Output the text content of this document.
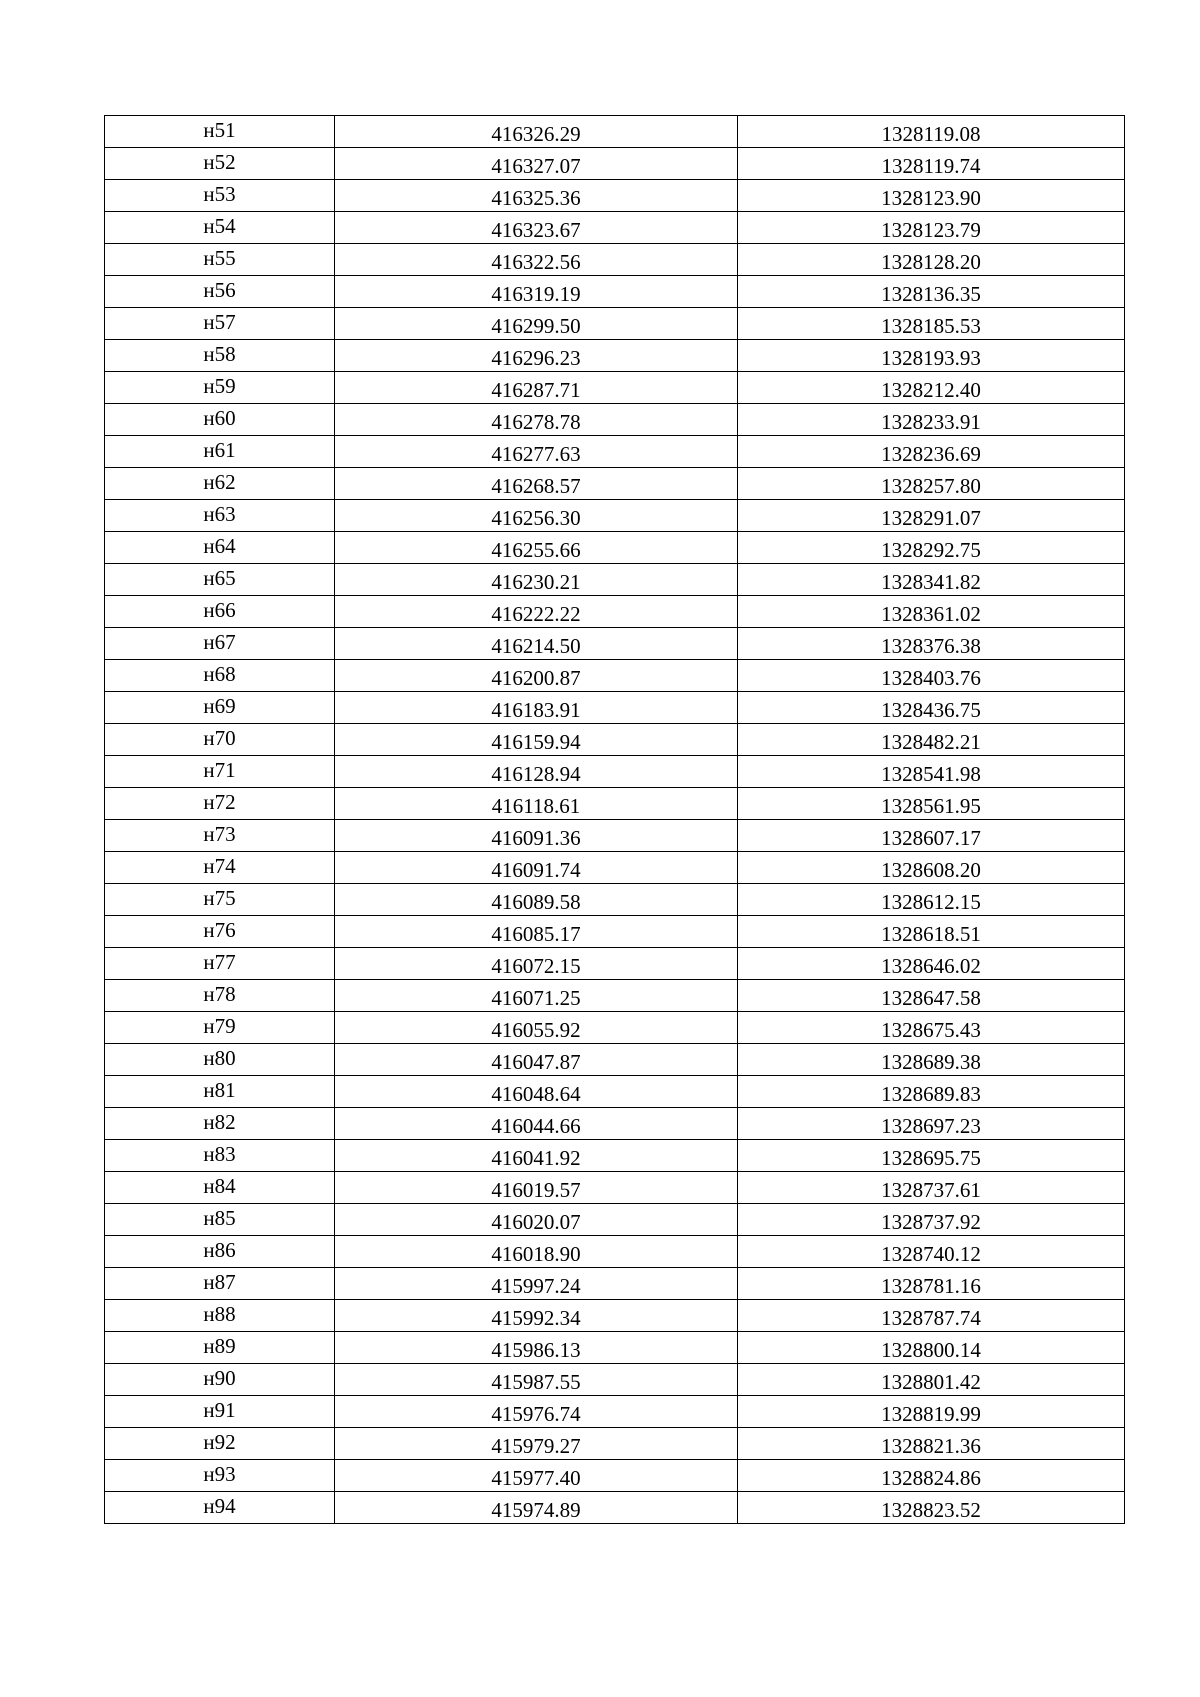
н51	416326.29	1328119.08
н52	416327.07	1328119.74
н53	416325.36	1328123.90
н54	416323.67	1328123.79
н55	416322.56	1328128.20
н56	416319.19	1328136.35
н57	416299.50	1328185.53
н58	416296.23	1328193.93
н59	416287.71	1328212.40
н60	416278.78	1328233.91
н61	416277.63	1328236.69
н62	416268.57	1328257.80
н63	416256.30	1328291.07
н64	416255.66	1328292.75
н65	416230.21	1328341.82
н66	416222.22	1328361.02
н67	416214.50	1328376.38
н68	416200.87	1328403.76
н69	416183.91	1328436.75
н70	416159.94	1328482.21
н71	416128.94	1328541.98
н72	416118.61	1328561.95
н73	416091.36	1328607.17
н74	416091.74	1328608.20
н75	416089.58	1328612.15
н76	416085.17	1328618.51
н77	416072.15	1328646.02
н78	416071.25	1328647.58
н79	416055.92	1328675.43
н80	416047.87	1328689.38
н81	416048.64	1328689.83
н82	416044.66	1328697.23
н83	416041.92	1328695.75
н84	416019.57	1328737.61
н85	416020.07	1328737.92
н86	416018.90	1328740.12
н87	415997.24	1328781.16
н88	415992.34	1328787.74
н89	415986.13	1328800.14
н90	415987.55	1328801.42
н91	415976.74	1328819.99
н92	415979.27	1328821.36
н93	415977.40	1328824.86
н94	415974.89	1328823.52
